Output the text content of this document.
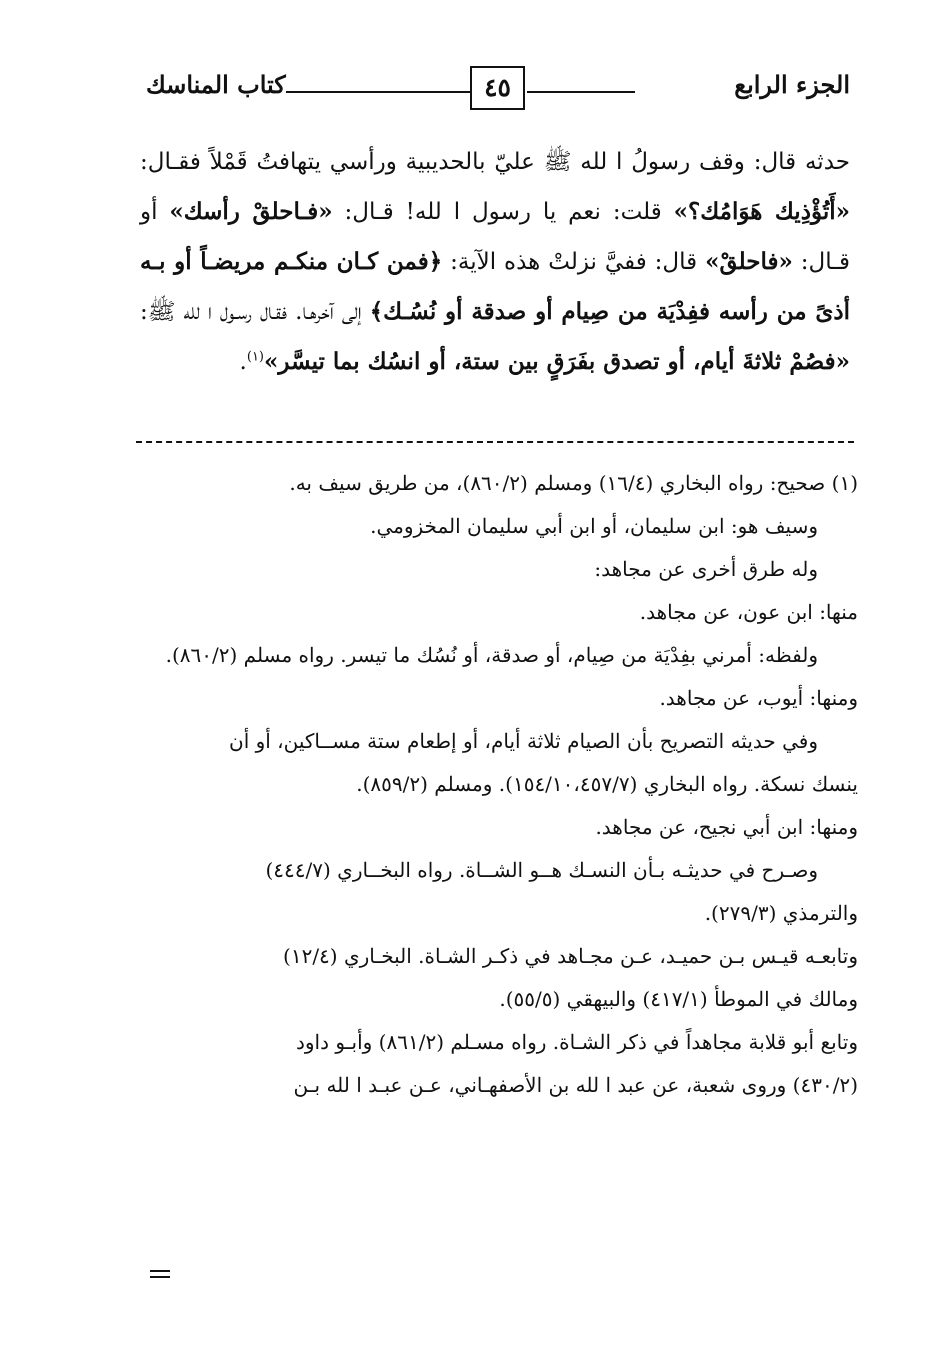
الجزء الرابع
٤٥
كتاب المناسك

حدثه قال: وقف رسولُ ا لله ﷺ عليّ بالحديبية ورأسي يتهافتُ قَمْلاً فقـال: «أَتُؤْذِيك هَوَامُك؟» قلت: نعم يا رسول ا لله! قـال: «فـاحلقْ رأسك» أو قـال: «فاحلقْ» قال: ففيَّ نزلتْ هذه الآية: ﴿فمن كـان منكـم مريضـاً أو بـه أذىً من رأسه ففِدْيَة من صِيام أو صدقة أو نُسُـك﴾ إلى آخرهـا. فقـال رسـول ا لله ﷺ: «فصُمْ ثلاثةَ أيام، أو تصدق بفَرَقٍ بين ستة، أو انسُك بما تيسَّر»$^{(١)}$.

(١) صحيح: رواه البخاري (١٦/٤) ومسلم (٨٦٠/٢)، من طريق سيف به.

وسيف هو: ابن سليمان، أو ابن أبي سليمان المخزومي.

وله طرق أخرى عن مجاهد:

منها: ابن عون، عن مجاهد.

ولفظه: أمرني بفِدْيَة من صِيام، أو صدقة، أو نُسُك ما تيسر. رواه مسلم (٨٦٠/٢).

ومنها: أيوب، عن مجاهد.

وفي حديثه التصريح بأن الصيام ثلاثة أيام، أو إطعام ستة مســاكين، أو أن

ينسك نسكة. رواه البخاري (١٥٤/١٠،٤٥٧/٧). ومسلم (٨٥٩/٢).

ومنها: ابن أبي نجيح، عن مجاهد.

وصـرح في حديثـه بـأن النسـك هــو الشــاة. رواه البخــاري (٤٤٤/٧)

والترمذي (٢٧٩/٣).

وتابعـه قيـس بـن حميـد، عـن مجـاهد في ذكـر الشـاة. البخـاري (١٢/٤)

ومالك في الموطأ (٤١٧/١) والبيهقي (٥٥/٥).

وتابع أبو قلابة مجاهداً في ذكر الشـاة. رواه مسـلم (٨٦١/٢) وأبـو داود

(٤٣٠/٢) وروى شعبة، عن عبد ا لله بن الأصفهـاني، عـن عبـد ا لله بـن
